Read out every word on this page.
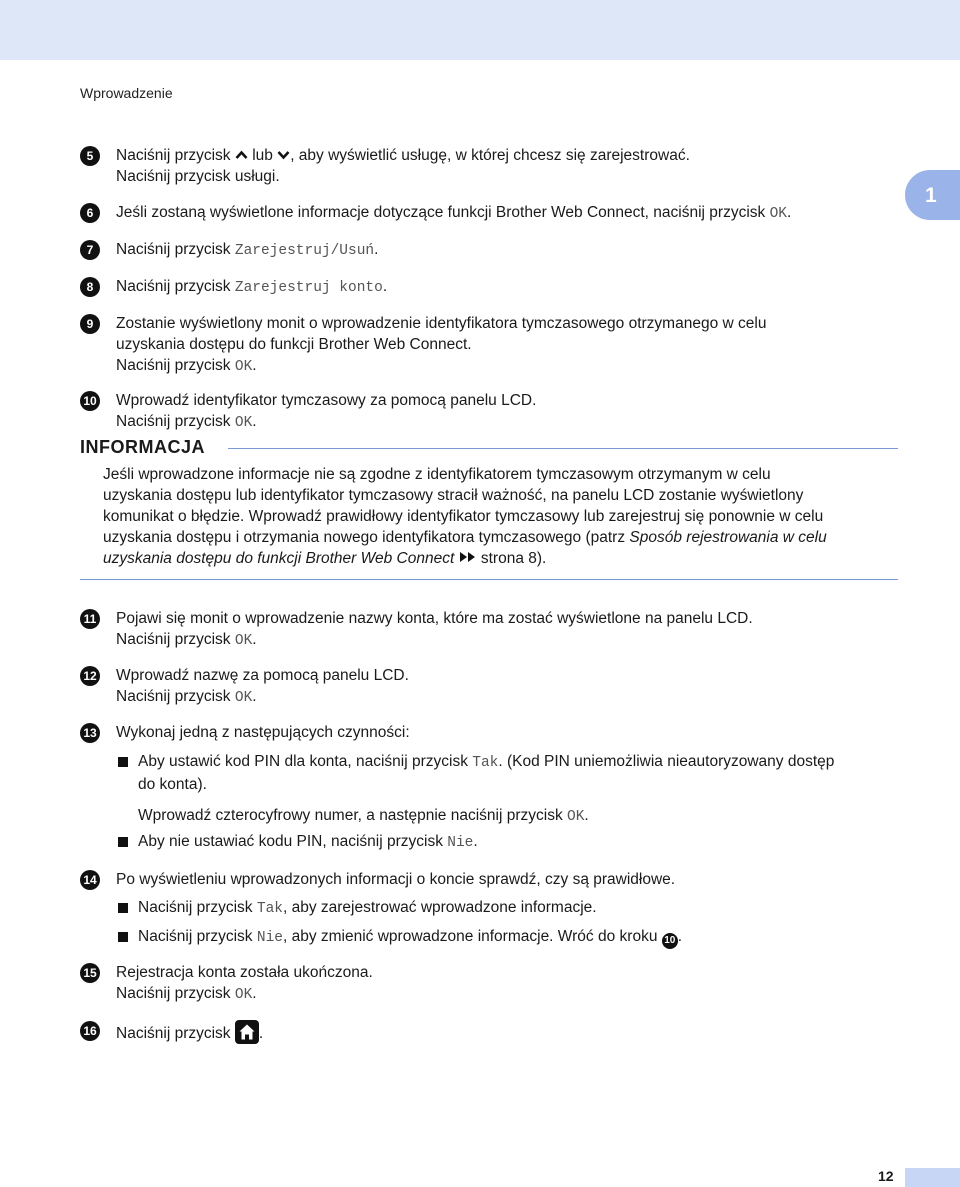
Wprowadzenie
1
5	Naciśnij przycisk lub , aby wyświetlić usługę, w której chcesz się zarejestrować.
Naciśnij przycisk usługi.
6	Jeśli zostaną wyświetlone informacje dotyczące funkcji Brother Web Connect, naciśnij przycisk OK.
7	Naciśnij przycisk Zarejestruj/Usuń.
8	Naciśnij przycisk Zarejestruj konto.
9	Zostanie wyświetlony monit o wprowadzenie identyfikatora tymczasowego otrzymanego w celu
uzyskania dostępu do funkcji Brother Web Connect.
Naciśnij przycisk OK.
10 Wprowadź identyfikator tymczasowy za pomocą panelu LCD.
Naciśnij przycisk OK.
INFORMACJA
Jeśli wprowadzone informacje nie są zgodne z identyfikatorem tymczasowym otrzymanym w celu
uzyskania dostępu lub identyfikator tymczasowy stracił ważność, na panelu LCD zostanie wyświetlony
komunikat o błędzie. Wprowadź prawidłowy identyfikator tymczasowy lub zarejestruj się ponownie w celu
uzyskania dostępu i otrzymania nowego identyfikatora tymczasowego (patrz Sposób rejestrowania w celu
uzyskania dostępu do funkcji Brother Web Connect  strona 8).
11 Pojawi się monit o wprowadzenie nazwy konta, które ma zostać wyświetlone na panelu LCD.
Naciśnij przycisk OK.
12 Wprowadź nazwę za pomocą panelu LCD.
Naciśnij przycisk OK.
13 Wykonaj jedną z następujących czynności:
Aby ustawić kod PIN dla konta, naciśnij przycisk Tak. (Kod PIN uniemożliwia nieautoryzowany dostęp
do konta).
Wprowadź czterocyfrowy numer, a następnie naciśnij przycisk OK.
Aby nie ustawiać kodu PIN, naciśnij przycisk Nie.
14 Po wyświetleniu wprowadzonych informacji o koncie sprawdź, czy są prawidłowe.
Naciśnij przycisk Tak, aby zarejestrować wprowadzone informacje.
Naciśnij przycisk Nie, aby zmienić wprowadzone informacje. Wróć do kroku 10 .
15 Rejestracja konta została ukończona.
Naciśnij przycisk OK.
16 Naciśnij przycisk .
12
